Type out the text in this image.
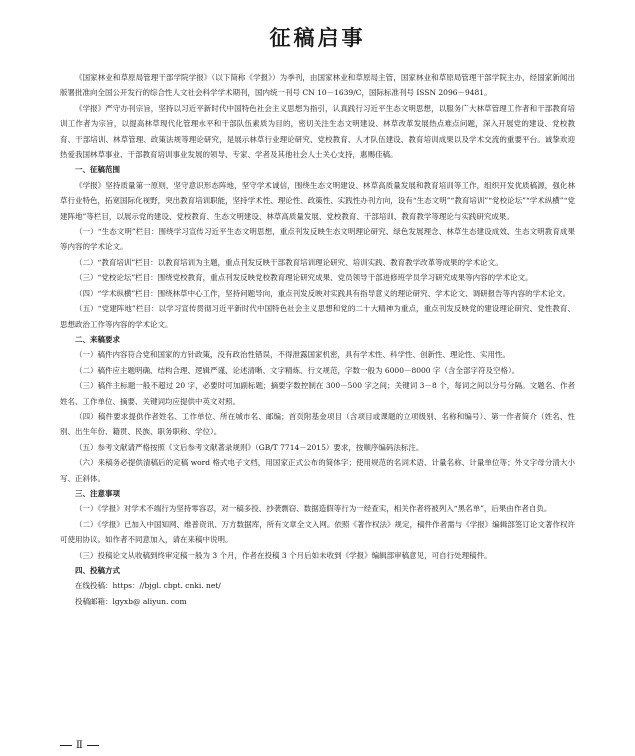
征稿启事

《国家林业和草原局管理干部学院学报》（以下简称《学报》）为季刊，由国家林业和草原局主管，国家林业和草原局管理干部学院主办，经国家新闻出版署批准向全国公开发行的综合性人文社会科学学术期刊，国内统一刊号 CN 10－1639/C，国际标准刊号 ISSN 2096－9481。

《学报》严守办刊宗旨，坚持以习近平新时代中国特色社会主义思想为指引，认真践行习近平生态文明思想，以服务广大林草管理工作者和干部教育培训工作者为宗旨，以提高林草现代化管理水平和干部队伍素质为目的，密切关注生态文明建设、林草改革发展热点难点问题，深入开展党的建设、党校教育、干部培训、林草管理、政策法规等理论研究，是展示林草行业理论研究、党校教育、人才队伍建设、教育培训成果以及学术交流的重要平台。诚挚欢迎热爱我国林草事业、干部教育培训事业发展的领导、专家、学者及其他社会人士关心支持，惠赐佳稿。

一、征稿范围

《学报》坚持质量第一原则，坚守意识形态阵地，坚守学术诚信，围绕生态文明建设、林草高质量发展和教育培训等工作，组织开发优质稿源，强化林草行业特色，拓宽国际化视野，突出教育培训职能，坚持学术性、理论性、政策性、实践性办刊方向，设有“生态文明”“教育培训”“党校论坛”“学术纵横”“党建阵地”等栏目，以展示党的建设、党校教育、生态文明建设、林草高质量发展、党校教育、干部培训、教育教学等理论与实践研究成果。

（一）“生态文明”栏目：围绕学习宣传习近平生态文明思想，重点刊发反映生态文明理论研究、绿色发展理念、林草生态建设成效、生态文明教育成果等内容的学术论文。

（二）“教育培训”栏目：以教育培训为主题，重点刊发反映干部教育培训理论研究、培训实践、教育教学改革等成果的学术论文。

（三）“党校论坛”栏目：围绕党校教育，重点刊发反映党校教育理论研究成果、党员领导干部进修班学员学习研究成果等内容的学术论文。

（四）“学术纵横”栏目：围绕林草中心工作，坚持问题导向，重点刊发反映对实践具有指导意义的理论研究、学术论文、调研报告等内容的学术论文。

（五）“党建阵地”栏目：以学习宣传贯彻习近平新时代中国特色社会主义思想和党的二十大精神为重点，重点刊发反映党的建设理论研究、党性教育、思想政治工作等内容的学术论文。

二、来稿要求

（一）稿件内容符合党和国家的方针政策，没有政治性错误，不得泄露国家机密，具有学术性、科学性、创新性、理论性、实用性。

（二）稿件应主题明确、结构合理、逻辑严谨、论述清晰、文字精炼、行文规范，字数一般为 6000－8000 字（含全部字符及空格）。

（三）稿件主标题一般不超过 20 字，必要时可加副标题；摘要字数控制在 300－500 字之间；关键词 3－8 个，每词之间以分号分隔。文题名、作者姓名、工作单位、摘要、关键词均应提供中英文对照。

（四）稿件要求提供作者姓名、工作单位、所在城市名、邮编；首页附基金项目（含项目或课题的立项级别、名称和编号）、第一作者简介（姓名、性别、出生年份、籍贯、民族、职务职称、学位）。

（五）参考文献请严格按照《文后参考文献著录规则》（GB/T 7714－2015）要求，按顺序编码法标注。

（六）来稿务必提供清稿后的定稿 word 格式电子文档，用国家正式公布的简体字；使用规范的名词术语、计量名称、计量单位等；外文字母分清大小写、正斜体。

三、注意事项

（一）《学报》对学术不端行为坚持零容忍，对一稿多投、抄袭剽窃、数据造假等行为一经查实，相关作者将被列入“黑名单”，后果由作者自负。

（二）《学报》已加入中国知网、维普资讯、万方数据库，所有文章全文入网。依照《著作权法》规定，稿件作者需与《学报》编辑部签订论文著作权许可使用协议。如作者不同意加入，请在来稿中说明。

（三）投稿论文从收稿到终审定稿一般为 3 个月，作者在投稿 3 个月后如未收到《学报》编辑部审稿意见，可自行处理稿件。

四、投稿方式

在线投稿：https：//bjgl. cbpt. cnki. net/

投稿邮箱：lgyxb@ aliyun. com

Ⅱ
